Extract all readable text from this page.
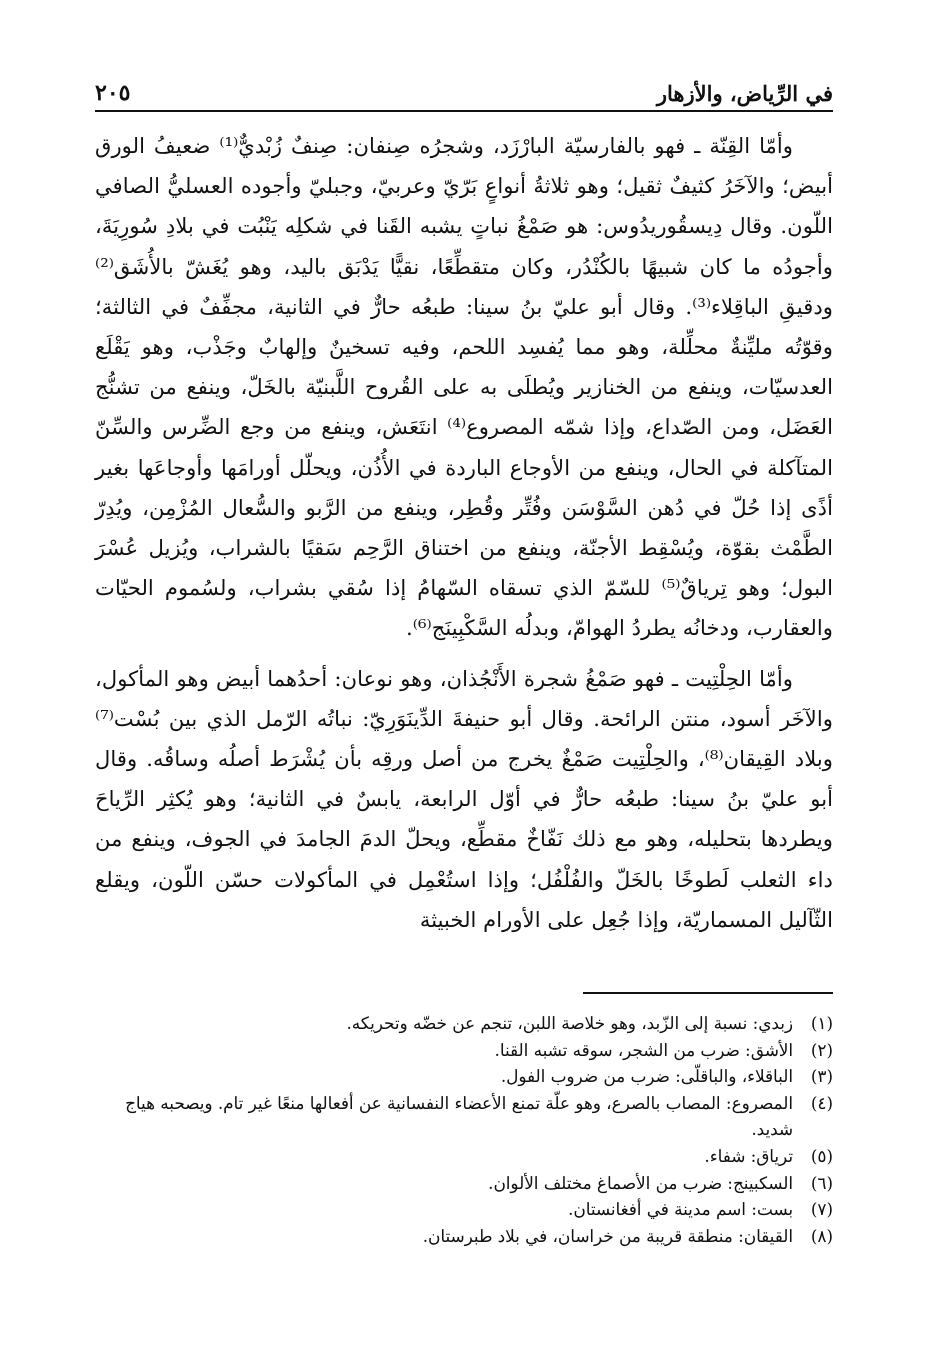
في الرِّياض، والأزهار
٢٠٥

وأمّا القِنّة ـ فهو بالفارسيّة البارْزَد، وشجرُه صِنفان: صِنفٌ زُبْديٌّ⁽¹⁾ ضعيفُ الورق أبيض؛ والآخَرُ كثيفٌ ثقيل؛ وهو ثلاثةُ أنواعٍ بَرّيّ وعربيّ، وجبليّ وأجوده العسليُّ الصافي اللّون. وقال دِيسقُوريدُوس: هو صَمْغُ نباتٍ يشبه القَنا في شكلِه يَنْبُت في بلادِ سُورِيَةَ، وأجودُه ما كان شبيهًا بالكُنْدُر، وكان متقطِّعًا، نقيًّا يَدْبَق باليد، وهو يُغَشّ بالأُشَق⁽²⁾ ودقيقِ الباقِلاء⁽³⁾. وقال أبو عليّ بنُ سينا: طبعُه حارٌّ في الثانية، مجفِّفٌ في الثالثة؛ وقوّتُه مليِّنةٌ محلِّلة، وهو مما يُفسِد اللحم، وفيه تسخينٌ وإلهابٌ وجَذْب، وهو يَقْلَع العدسيّات، وينفع من الخنازير ويُطلَى به على القُروح اللَّبنيّة بالخَلّ، وينفع من تشنُّج العَضَل، ومن الصّداع، وإذا شمّه المصروع⁽⁴⁾ انتَعَش، وينفع من وجع الضِّرس والسِّنّ المتآكلة في الحال، وينفع من الأوجاع الباردة في الأُذُن، ويحلّل أورامَها وأوجاعَها بغير أذًى إذا حُلّ في دُهن السَّوْسَن وفُتِّر وقُطِر، وينفع من الرَّبو والسُّعال المُزْمِن، ويُدِرّ الطَّمْث بقوّة، ويُسْقِط الأجنّة، وينفع من اختناق الرَّحِم سَقيًا بالشراب، ويُزيل عُسْرَ البول؛ وهو تِرياقٌ⁽⁵⁾ للسّمّ الذي تسقاه السّهامُ إذا سُقي بشراب، ولسُموم الحيّات والعقارب، ودخانُه يطردُ الهوامّ، وبدلُه السَّكْبِينَج⁽⁶⁾.

وأمّا الحِلْتِيت ـ فهو صَمْغُ شجرة الأَنْجُذان، وهو نوعان: أحدُهما أبيض وهو المأكول، والآخَر أسود، منتن الرائحة. وقال أبو حنيفةَ الدِّينَوَرِيّ: نباتُه الرّمل الذي بين بُسْت⁽⁷⁾ وبلاد القِيقان⁽⁸⁾، والحِلْتِيت صَمْغٌ يخرج من أصل ورقِه بأن يُشْرَط أصلُه وساقُه. وقال أبو عليّ بنُ سينا: طبعُه حارٌّ في أوّل الرابعة، يابسٌ في الثانية؛ وهو يُكثِر الرِّياحَ ويطردها بتحليله، وهو مع ذلك نَفّاخٌ مقطِّع، ويحلّ الدمَ الجامدَ في الجوف، وينفع من داء الثعلب لَطوخًا بالخَلّ والفُلْفُل؛ وإذا استُعْمِل في المأكولات حسّن اللّون، ويقلع الثّآليل المسماريّة، وإذا جُعِل على الأورام الخبيثة

(١)
زبدي: نسبة إلى الزّبد، وهو خلاصة اللبن، تنجم عن خضّه وتحريكه.
(٢)
الأشق: ضرب من الشجر، سوقه تشبه القنا.
(٣)
الباقلاء، والباقلّى: ضرب من ضروب الفول.
(٤)
المصروع: المصاب بالصرع، وهو علّة تمنع الأعضاء النفسانية عن أفعالها منعًا غير تام. ويصحبه هياج شديد.
(٥)
ترياق: شفاء.
(٦)
السكبينج: ضرب من الأصماغ مختلف الألوان.
(٧)
بست: اسم مدينة في أفغانستان.
(٨)
القيقان: منطقة قريبة من خراسان، في بلاد طبرستان.
